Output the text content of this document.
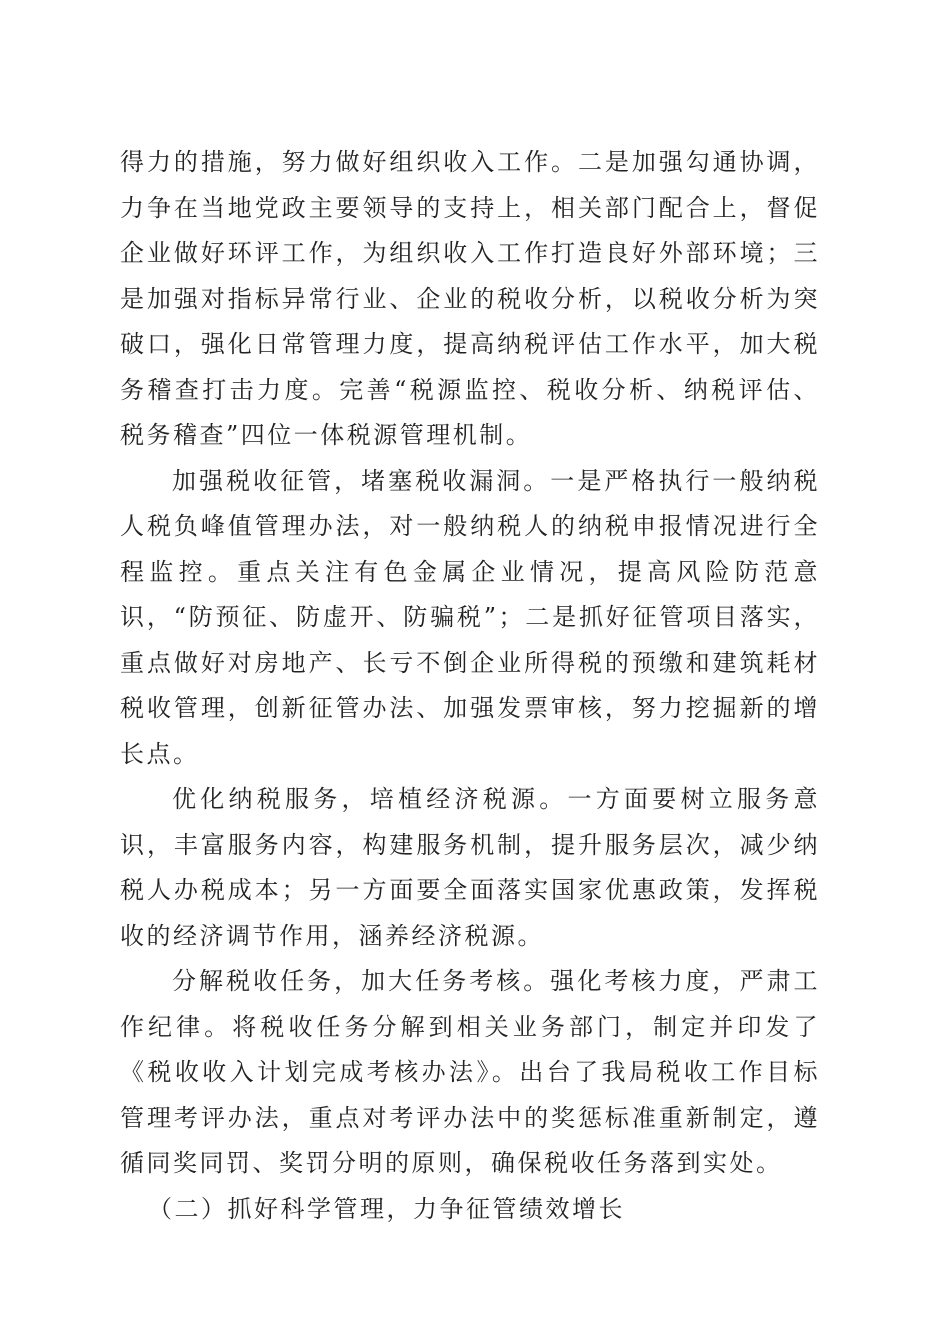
得力的措施，努力做好组织收入工作。二是加强勾通协调，力争在当地党政主要领导的支持上，相关部门配合上，督促企业做好环评工作，为组织收入工作打造良好外部环境；三是加强对指标异常行业、企业的税收分析，以税收分析为突破口，强化日常管理力度，提高纳税评估工作水平，加大税务稽查打击力度。完善“税源监控、税收分析、纳税评估、税务稽查”四位一体税源管理机制。

加强税收征管，堵塞税收漏洞。一是严格执行一般纳税人税负峰值管理办法，对一般纳税人的纳税申报情况进行全程监控。重点关注有色金属企业情况，提高风险防范意识，“防预征、防虚开、防骗税”；二是抓好征管项目落实，重点做好对房地产、长亏不倒企业所得税的预缴和建筑耗材税收管理，创新征管办法、加强发票审核，努力挖掘新的增长点。

优化纳税服务，培植经济税源。一方面要树立服务意识，丰富服务内容，构建服务机制，提升服务层次，减少纳税人办税成本；另一方面要全面落实国家优惠政策，发挥税收的经济调节作用，涵养经济税源。

分解税收任务，加大任务考核。强化考核力度，严肃工作纪律。将税收任务分解到相关业务部门，制定并印发了《税收收入计划完成考核办法》。出台了我局税收工作目标管理考评办法，重点对考评办法中的奖惩标准重新制定，遵循同奖同罚、奖罚分明的原则，确保税收任务落到实处。

（二）抓好科学管理，力争征管绩效增长
